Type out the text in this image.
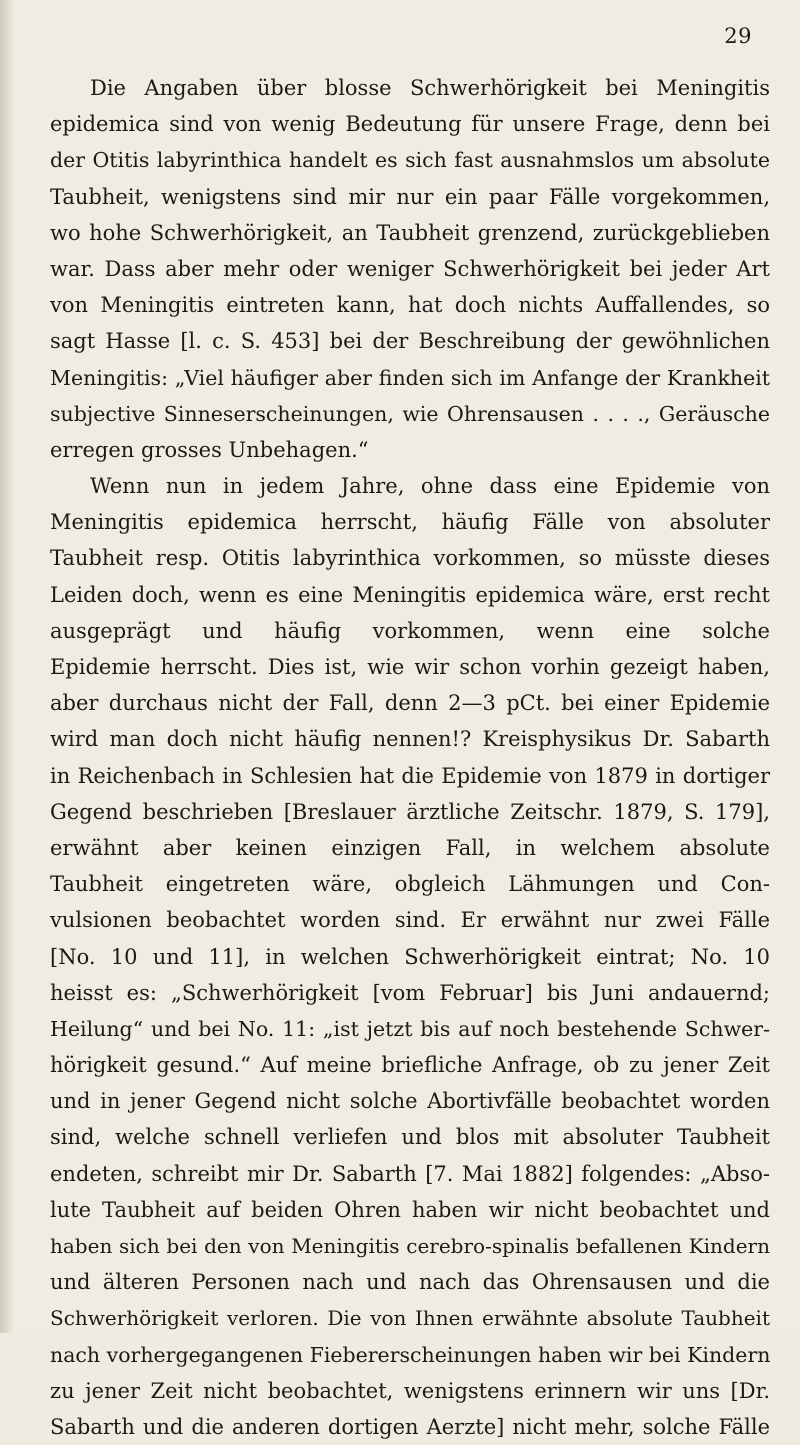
29
Die Angaben über blosse Schwerhörigkeit bei Meningitis
epidemica sind von wenig Bedeutung für unsere Frage, denn bei
der Otitis labyrinthica handelt es sich fast ausnahmslos um absolute
Taubheit, wenigstens sind mir nur ein paar Fälle vorgekommen,
wo hohe Schwerhörigkeit, an Taubheit grenzend, zurückgeblieben
war. Dass aber mehr oder weniger Schwerhörigkeit bei jeder Art
von Meningitis eintreten kann, hat doch nichts Auffallendes, so
sagt Hasse [l. c. S. 453] bei der Beschreibung der gewöhnlichen
Meningitis: „Viel häufiger aber finden sich im Anfange der Krankheit
subjective Sinneserscheinungen, wie Ohrensausen . . . ., Geräusche
erregen grosses Unbehagen.“
Wenn nun in jedem Jahre, ohne dass eine Epidemie von
Meningitis epidemica herrscht, häufig Fälle von absoluter
Taubheit resp. Otitis labyrinthica vorkommen, so müsste dieses
Leiden doch, wenn es eine Meningitis epidemica wäre, erst recht
ausgeprägt und häufig vorkommen, wenn eine solche
Epidemie herrscht. Dies ist, wie wir schon vorhin gezeigt haben,
aber durchaus nicht der Fall, denn 2—3 pCt. bei einer Epidemie
wird man doch nicht häufig nennen!? Kreisphysikus Dr. Sabarth
in Reichenbach in Schlesien hat die Epidemie von 1879 in dortiger
Gegend beschrieben [Breslauer ärztliche Zeitschr. 1879, S. 179],
erwähnt aber keinen einzigen Fall, in welchem absolute
Taubheit eingetreten wäre, obgleich Lähmungen und Con-
vulsionen beobachtet worden sind. Er erwähnt nur zwei Fälle
[No. 10 und 11], in welchen Schwerhörigkeit eintrat; No. 10
heisst es: „Schwerhörigkeit [vom Februar] bis Juni andauernd;
Heilung“ und bei No. 11: „ist jetzt bis auf noch bestehende Schwer-
hörigkeit gesund.“ Auf meine briefliche Anfrage, ob zu jener Zeit
und in jener Gegend nicht solche Abortivfälle beobachtet worden
sind, welche schnell verliefen und blos mit absoluter Taubheit
endeten, schreibt mir Dr. Sabarth [7. Mai 1882] folgendes: „Abso-
lute Taubheit auf beiden Ohren haben wir nicht beobachtet und
haben sich bei den von Meningitis cerebro-spinalis befallenen Kindern
und älteren Personen nach und nach das Ohrensausen und die
Schwerhörigkeit verloren. Die von Ihnen erwähnte absolute Taubheit
nach vorhergegangenen Fiebererscheinungen haben wir bei Kindern
zu jener Zeit nicht beobachtet, wenigstens erinnern wir uns [Dr.
Sabarth und die anderen dortigen Aerzte] nicht mehr, solche Fälle
